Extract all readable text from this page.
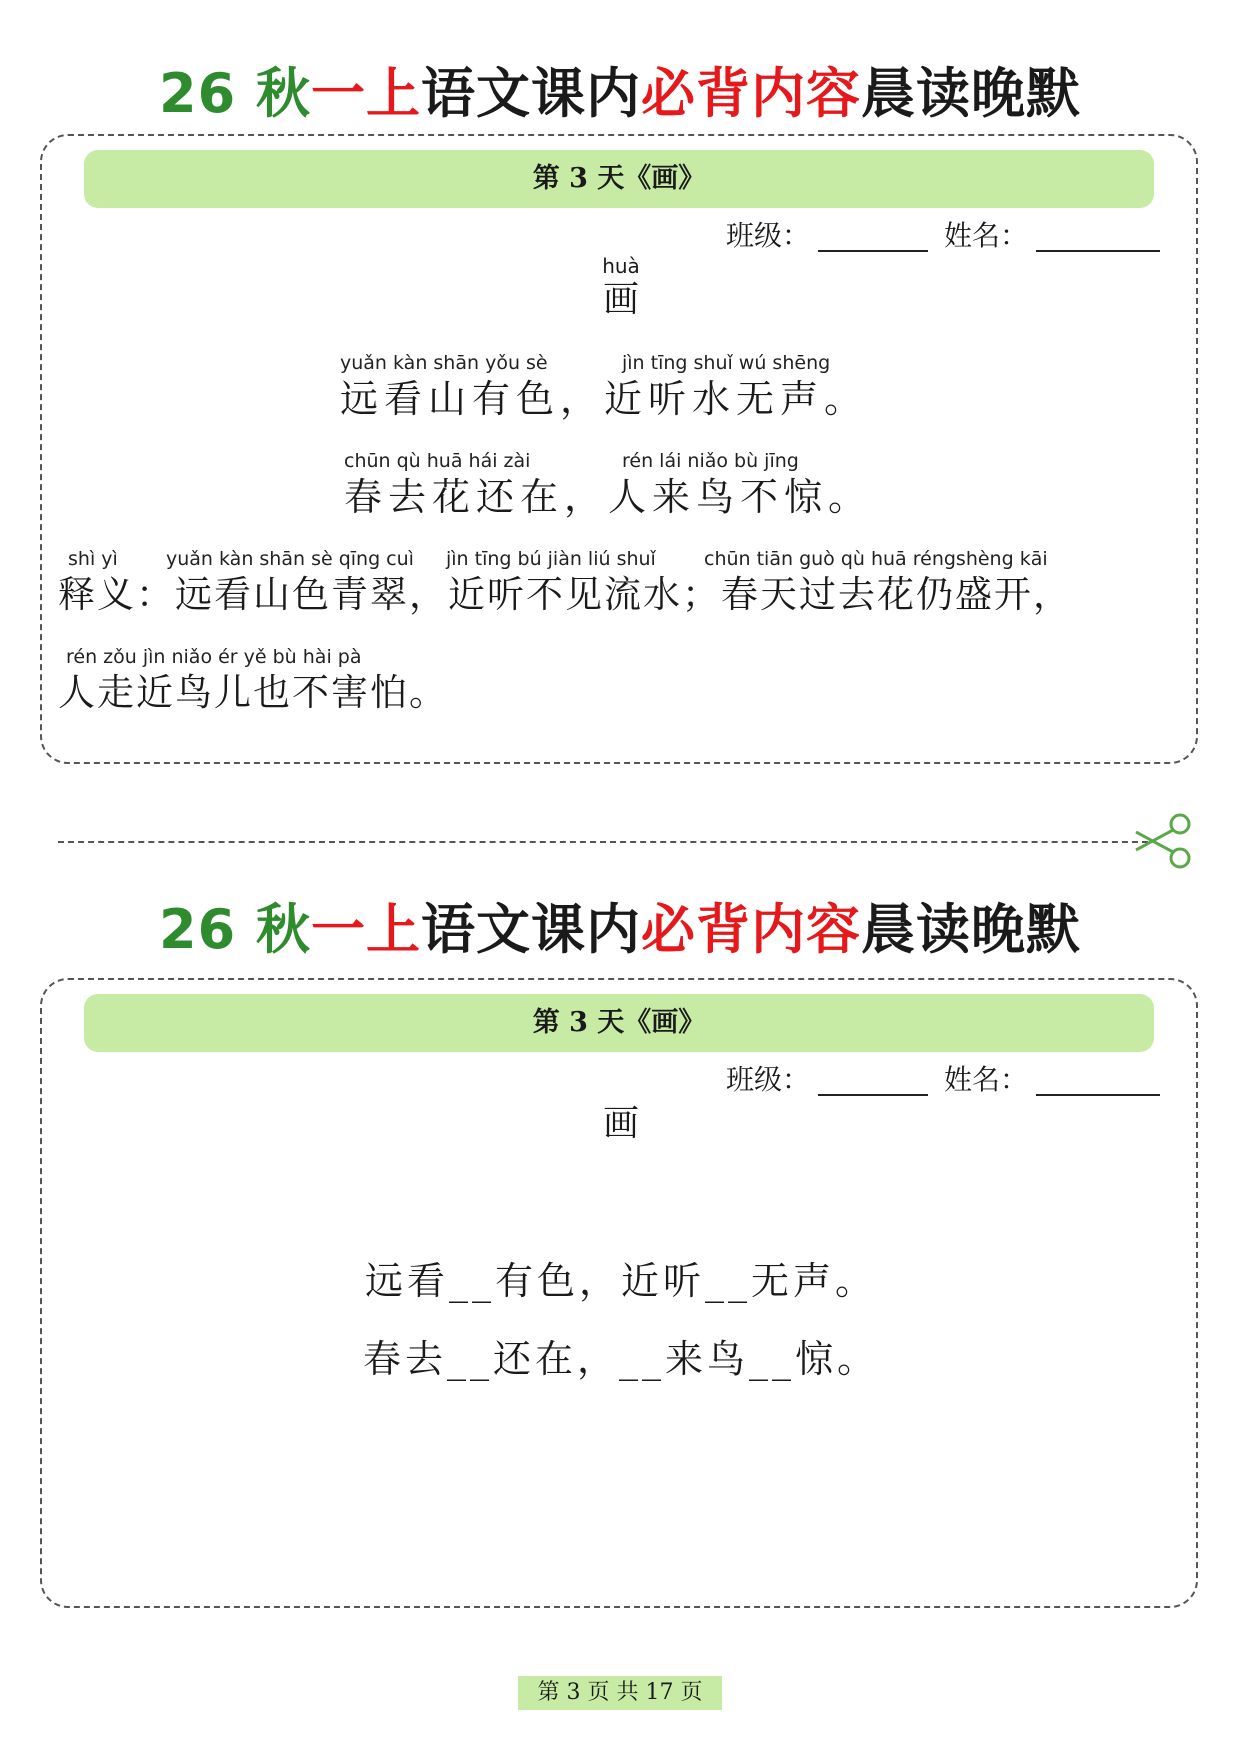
26 秋一上语文课内必背内容晨读晚默
第 3 天《画》
班级：	姓名：
huà
画
yuǎn kàn shān yǒu sè	jìn tīng shuǐ wú shēng
远看山有色，近听水无声。
chūn qù huā hái zài	rén lái niǎo bù jīng
春去花还在，人来鸟不惊。
shì yì	yuǎn kàn shān sè qīng cuì jìn tīng bú jiàn liú shuǐ	chūn tiān guò qù huā réngshèng kāi
释义：远看山色青翠，近听不见流水；春天过去花仍盛开，
rén zǒu jìn niǎo ér yě bù hài pà
人走近鸟儿也不害怕。
26 秋一上语文课内必背内容晨读晚默
第 3 天《画》
班级：	姓名：
画
远看__有色，近听__无声。
春去__还在，__来鸟__惊。
第 3 页 共 17 页
